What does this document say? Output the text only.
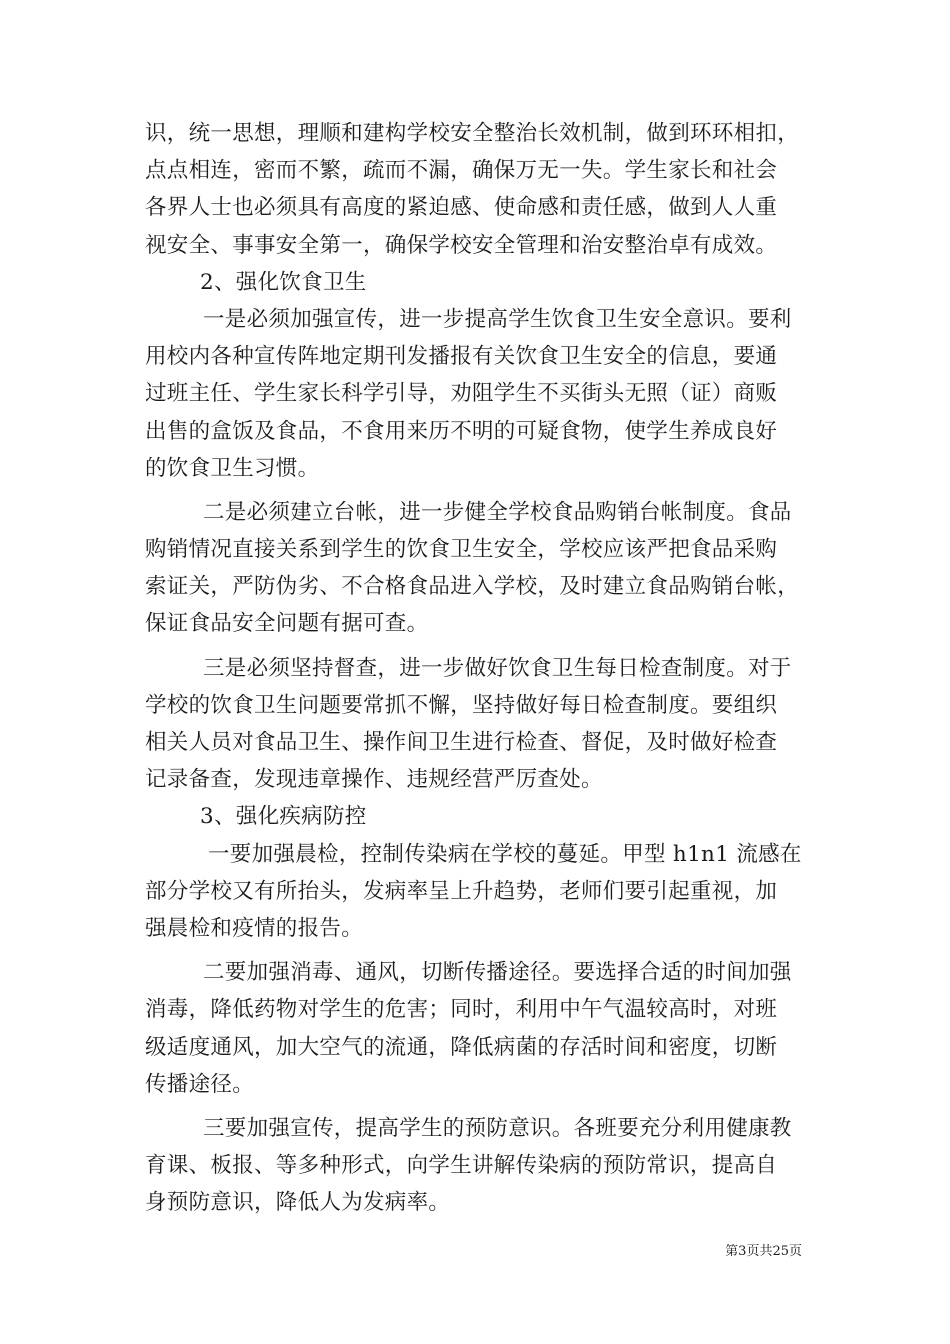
识，统一思想，理顺和建构学校安全整治长效机制，做到环环相扣，
点点相连，密而不繁，疏而不漏，确保万无一失。学生家长和社会
各界人士也必须具有高度的紧迫感、使命感和责任感，做到人人重
视安全、事事安全第一，确保学校安全管理和治安整治卓有成效。
2、强化饮食卫生
一是必须加强宣传，进一步提高学生饮食卫生安全意识。要利
用校内各种宣传阵地定期刊发播报有关饮食卫生安全的信息，要通
过班主任、学生家长科学引导，劝阻学生不买街头无照（证）商贩
出售的盒饭及食品，不食用来历不明的可疑食物，使学生养成良好
的饮食卫生习惯。
二是必须建立台帐，进一步健全学校食品购销台帐制度。食品
购销情况直接关系到学生的饮食卫生安全，学校应该严把食品采购
索证关，严防伪劣、不合格食品进入学校，及时建立食品购销台帐，
保证食品安全问题有据可查。
三是必须坚持督查，进一步做好饮食卫生每日检查制度。对于
学校的饮食卫生问题要常抓不懈，坚持做好每日检查制度。要组织
相关人员对食品卫生、操作间卫生进行检查、督促，及时做好检查
记录备查，发现违章操作、违规经营严厉查处。
3、强化疾病防控
一要加强晨检，控制传染病在学校的蔓延。甲型 h1n1 流感在
部分学校又有所抬头，发病率呈上升趋势，老师们要引起重视，加
强晨检和疫情的报告。
二要加强消毒、通风，切断传播途径。要选择合适的时间加强
消毒，降低药物对学生的危害；同时，利用中午气温较高时，对班
级适度通风，加大空气的流通，降低病菌的存活时间和密度，切断
传播途径。
三要加强宣传，提高学生的预防意识。各班要充分利用健康教
育课、板报、等多种形式，向学生讲解传染病的预防常识，提高自
身预防意识，降低人为发病率。
第3页共25页
